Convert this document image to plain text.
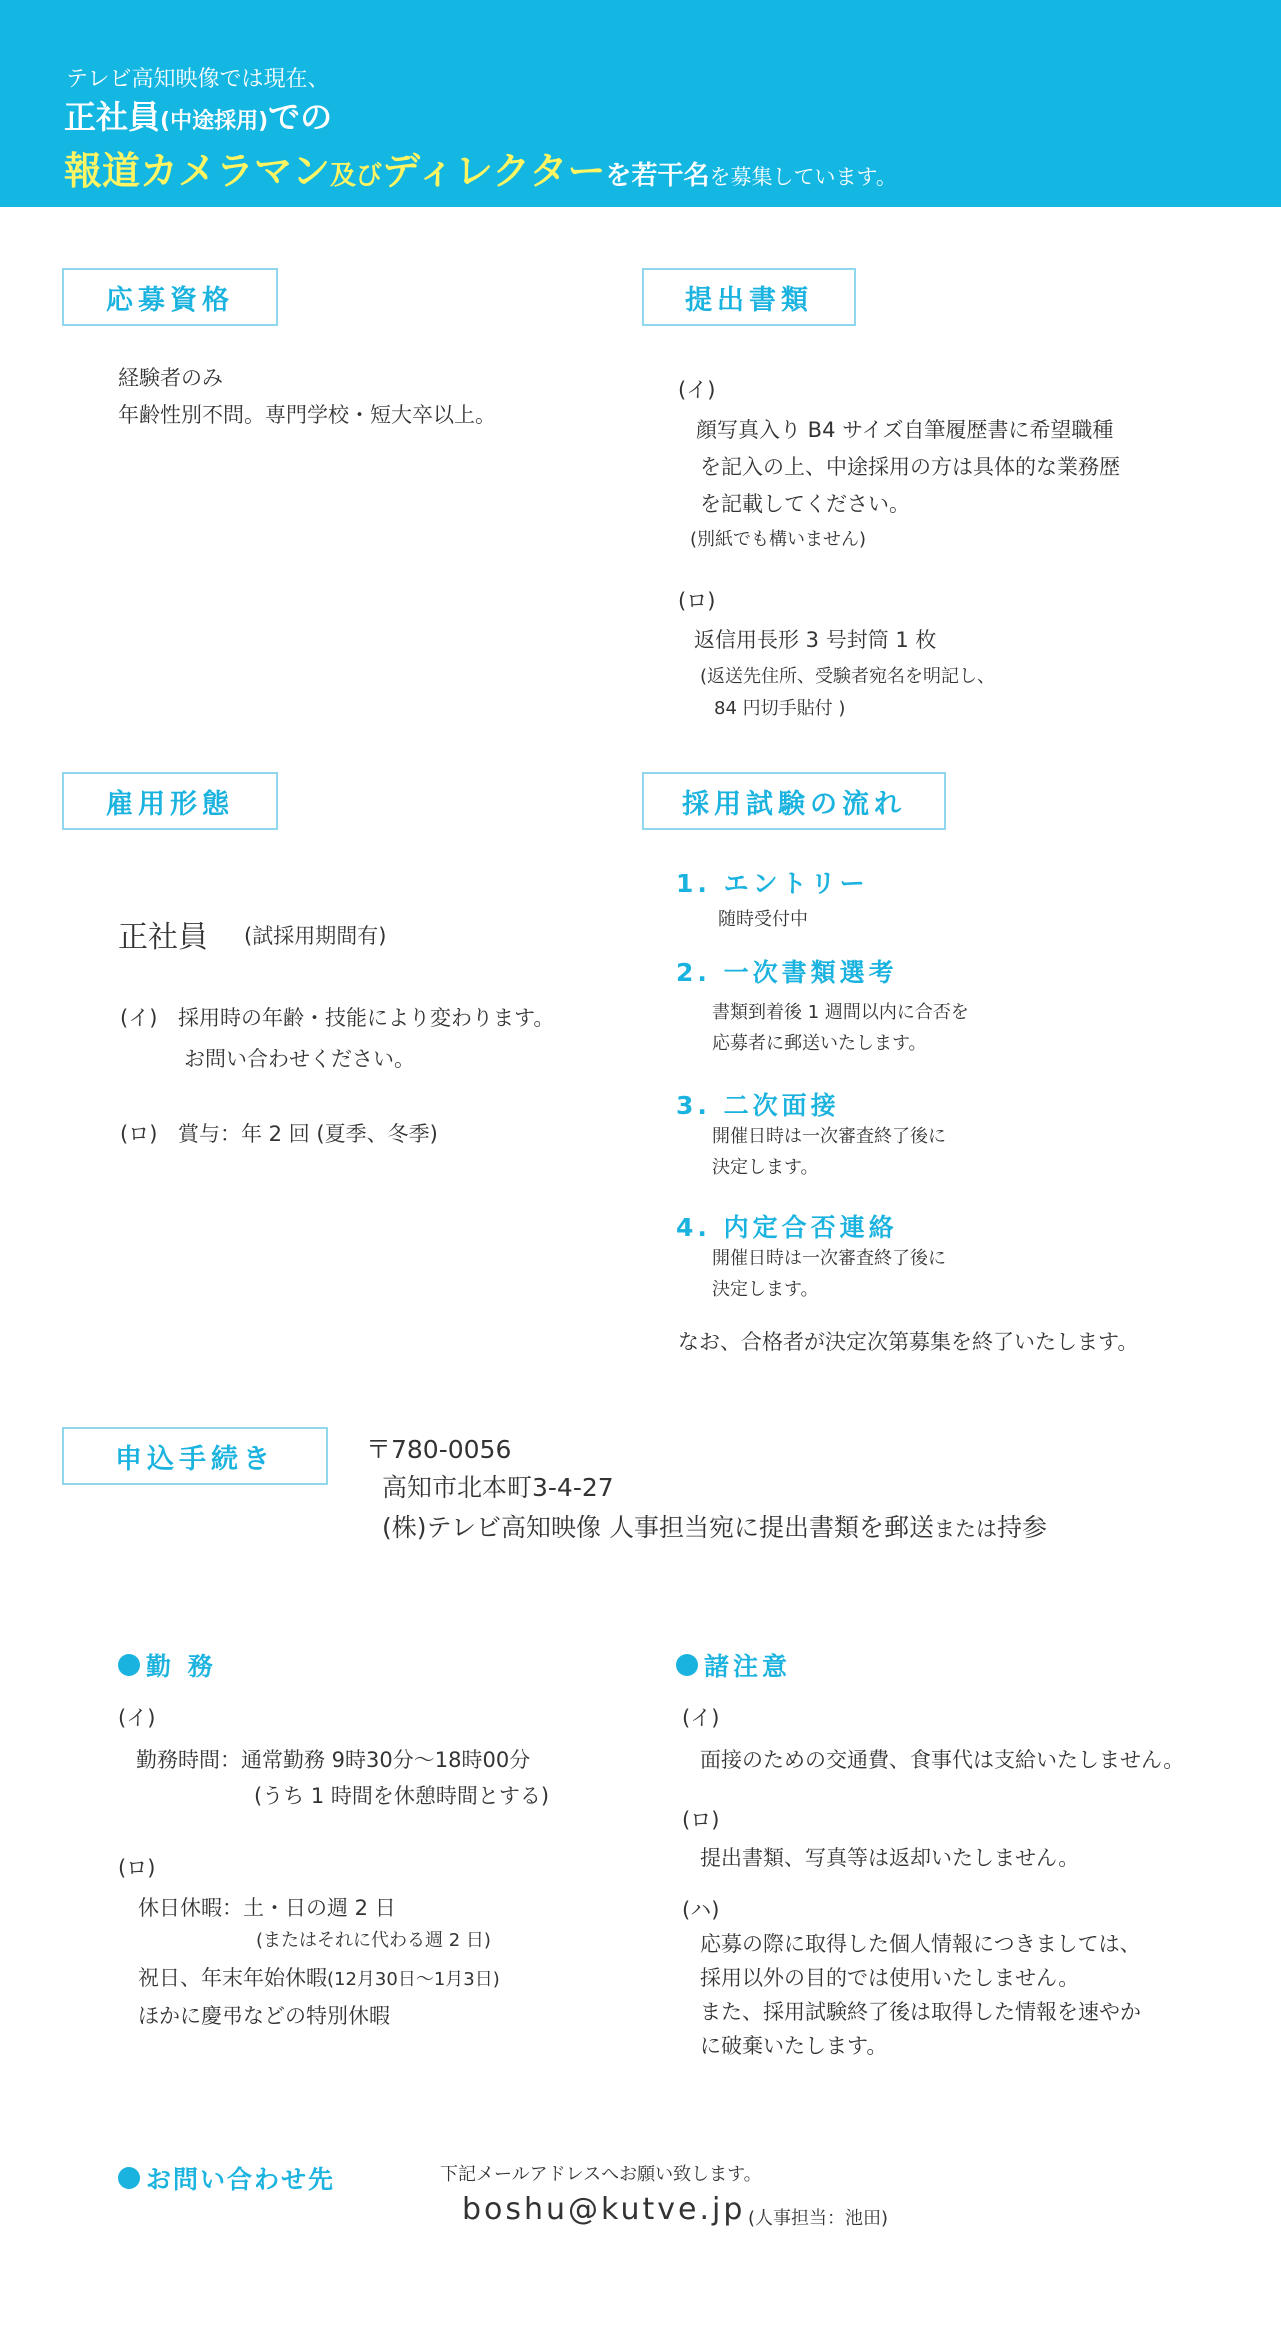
テレビ高知映像では現在、
正社員(中途採用)での
報道カメラマン及びディレクターを若干名を募集しています。
応募資格
経験者のみ
年齢性別不問。専門学校・短大卒以上。
提出書類
(イ)
顔写真入り B4 サイズ自筆履歴書に希望職種
を記入の上、中途採用の方は具体的な業務歴
を記載してください。
(別紙でも構いません)
(ロ)
返信用長形 3 号封筒 1 枚
(返送先住所、受験者宛名を明記し、
84 円切手貼付 )
雇用形態
正社員 (試採用期間有)
(イ) 採用時の年齢・技能により変わります。
お問い合わせください。
(ロ) 賞与：年 2 回 (夏季、冬季)
採用試験の流れ
1. エントリー
随時受付中
2. 一次書類選考
書類到着後 1 週間以内に合否を
応募者に郵送いたします。
3. 二次面接
開催日時は一次審査終了後に
決定します。
4. 内定合否連絡
開催日時は一次審査終了後に
決定します。
なお、合格者が決定次第募集を終了いたします。
申込手続き	〒780-0056
高知市北本町3-4-27
(株)テレビ高知映像 人事担当宛に提出書類を郵送または持参
勤 務
(イ)
勤務時間：通常勤務 9時30分～18時00分
(うち 1 時間を休憩時間とする)
(ロ)
休日休暇：土・日の週 2 日
(またはそれに代わる週 2 日)
祝日、年末年始休暇(12月30日～1月3日)
ほかに慶弔などの特別休暇
諸注意
(イ)
面接のための交通費、食事代は支給いたしません。
(ロ)
提出書類、写真等は返却いたしません。
(ハ)
応募の際に取得した個人情報につきましては、
採用以外の目的では使用いたしません。
また、採用試験終了後は取得した情報を速やか
に破棄いたします。
お問い合わせ先	下記メールアドレスへお願い致します。
boshu@kutve.jp (人事担当：池田)
